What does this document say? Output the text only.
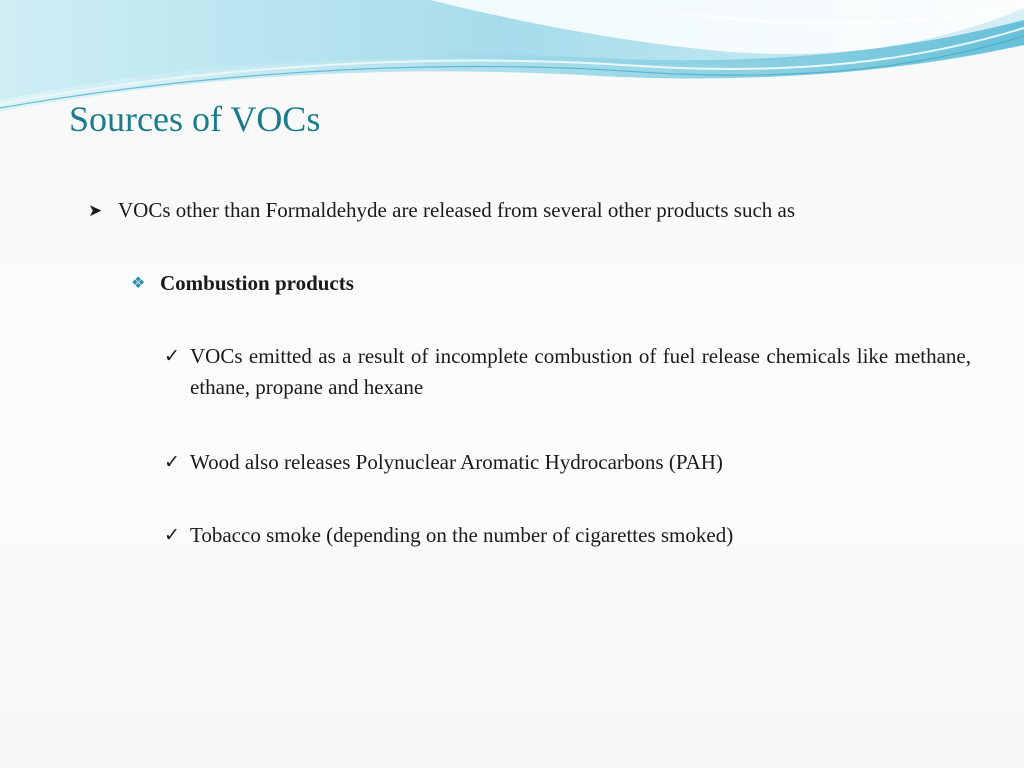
Sources of VOCs
➤ VOCs other than Formaldehyde are released from several other products such as
❖ Combustion products
✓ VOCs emitted as a result of incomplete combustion of fuel release chemicals like methane, ethane, propane and hexane
✓ Wood also releases Polynuclear Aromatic Hydrocarbons (PAH)
✓ Tobacco smoke (depending on the number of cigarettes smoked)
